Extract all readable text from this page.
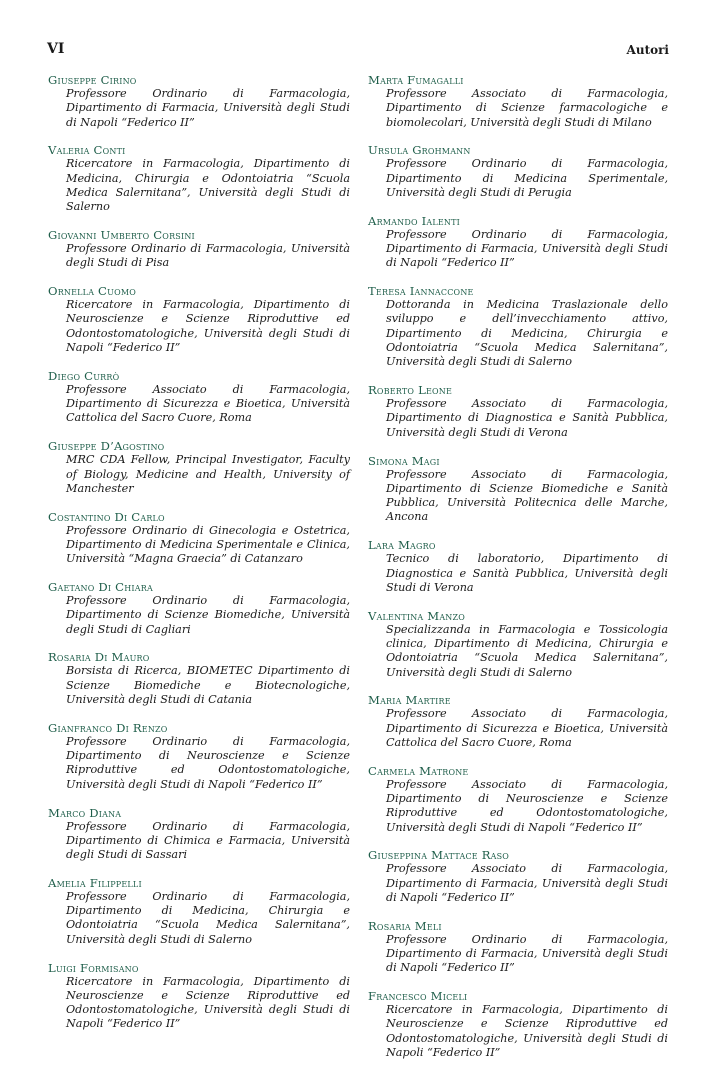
VI	Autori
Giuseppe Cirino
Professore Ordinario di Farmacologia, Dipartimento di Farmacia, Università degli Studi di Napoli “Federico II”
Valeria Conti
Ricercatore in Farmacologia, Dipartimento di Medicina, Chirurgia e Odontoiatria “Scuola Medica Salernitana”, Università degli Studi di Salerno
Giovanni Umberto Corsini
Professore Ordinario di Farmacologia, Università degli Studi di Pisa
Ornella Cuomo
Ricercatore in Farmacologia, Dipartimento di Neuroscienze e Scienze Riproduttive ed Odontostomatologiche, Università degli Studi di Napoli “Federico II”
Diego Currò
Professore Associato di Farmacologia, Dipartimento di Sicurezza e Bioetica, Università Cattolica del Sacro Cuore, Roma
Giuseppe D’Agostino
MRC CDA Fellow, Principal Investigator, Faculty of Biology, Medicine and Health, University of Manchester
Costantino Di Carlo
Professore Ordinario di Ginecologia e Ostetrica, Dipartimento di Medicina Sperimentale e Clinica, Università “Magna Graecia” di Catanzaro
Gaetano Di Chiara
Professore Ordinario di Farmacologia, Dipartimento di Scienze Biomediche, Università degli Studi di Cagliari
Rosaria Di Mauro
Borsista di Ricerca, BIOMETEC Dipartimento di Scienze Biomediche e Biotecnologiche, Università degli Studi di Catania
Gianfranco Di Renzo
Professore Ordinario di Farmacologia, Dipartimento di Neuroscienze e Scienze Riproduttive ed Odontostomatologiche, Università degli Studi di Napoli “Federico II”
Marco Diana
Professore Ordinario di Farmacologia, Dipartimento di Chimica e Farmacia, Università degli Studi di Sassari
Amelia Filippelli
Professore Ordinario di Farmacologia, Dipartimento di Medicina, Chirurgia e Odontoiatria “Scuola Medica Salernitana”, Università degli Studi di Salerno
Luigi Formisano
Ricercatore in Farmacologia, Dipartimento di Neuroscienze e Scienze Riproduttive ed Odontostomatologiche, Università degli Studi di Napoli “Federico II”
Marta Fumagalli
Professore Associato di Farmacologia, Dipartimento di Scienze farmacologiche e biomolecolari, Università degli Studi di Milano
Ursula Grohmann
Professore Ordinario di Farmacologia, Dipartimento di Medicina Sperimentale, Università degli Studi di Perugia
Armando Ialenti
Professore Ordinario di Farmacologia, Dipartimento di Farmacia, Università degli Studi di Napoli “Federico II”
Teresa Iannaccone
Dottoranda in Medicina Traslazionale dello sviluppo e dell’invecchiamento attivo, Dipartimento di Medicina, Chirurgia e Odontoiatria “Scuola Medica Salernitana”, Università degli Studi di Salerno
Roberto Leone
Professore Associato di Farmacologia, Dipartimento di Diagnostica e Sanità Pubblica, Università degli Studi di Verona
Simona Magi
Professore Associato di Farmacologia, Dipartimento di Scienze Biomediche e Sanità Pubblica, Università Politecnica delle Marche, Ancona
Lara Magro
Tecnico di laboratorio, Dipartimento di Diagnostica e Sanità Pubblica, Università degli Studi di Verona
Valentina Manzo
Specializzanda in Farmacologia e Tossicologia clinica, Dipartimento di Medicina, Chirurgia e Odontoiatria “Scuola Medica Salernitana”, Università degli Studi di Salerno
Maria Martire
Professore Associato di Farmacologia, Dipartimento di Sicurezza e Bioetica, Università Cattolica del Sacro Cuore, Roma
Carmela Matrone
Professore Associato di Farmacologia, Dipartimento di Neuroscienze e Scienze Riproduttive ed Odontostomatologiche, Università degli Studi di Napoli “Federico II”
Giuseppina Mattace Raso
Professore Associato di Farmacologia, Dipartimento di Farmacia, Università degli Studi di Napoli “Federico II”
Rosaria Meli
Professore Ordinario di Farmacologia, Dipartimento di Farmacia, Università degli Studi di Napoli “Federico II”
Francesco Miceli
Ricercatore in Farmacologia, Dipartimento di Neuroscienze e Scienze Riproduttive ed Odontostomatologiche, Università degli Studi di Napoli “Federico II”
